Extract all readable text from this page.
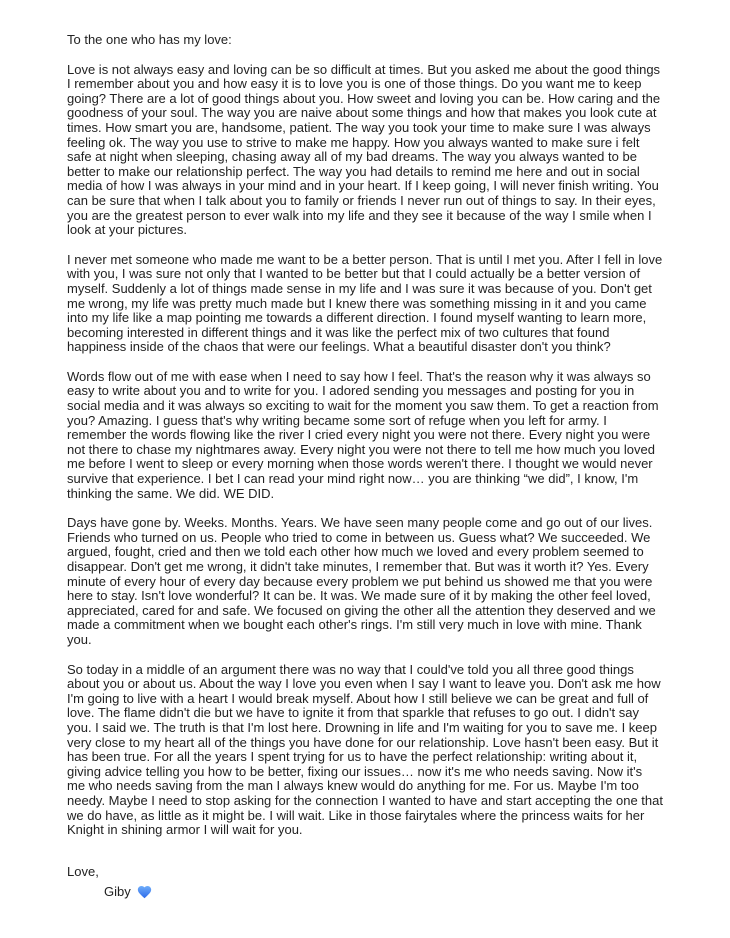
To the one who has my love:

Love is not always easy and loving can be so difficult at times. But you asked me about the good things I remember about you and how easy it is to love you is one of those things. Do you want me to keep going? There are a lot of good things about you. How sweet and loving you can be. How caring and the goodness of your soul. The way you are naive about some things and how that makes you look cute at times. How smart you are, handsome, patient. The way you took your time to make sure I was always feeling ok. The way you use to strive to make me happy. How you always wanted to make sure i felt safe at night when sleeping, chasing away all of my bad dreams. The way you always wanted to be better to make our relationship perfect. The way you had details to remind me here and out in social media of how I was always in your mind and in your heart. If I keep going, I will never finish writing. You can be sure that when I talk about you to family or friends I never run out of things to say. In their eyes, you are the greatest person to ever walk into my life and they see it because of the way I smile when I look at your pictures.

I never met someone who made me want to be a better person. That is until I met you. After I fell in love with you, I was sure not only that I wanted to be better but that I could actually be a better version of myself. Suddenly a lot of things made sense in my life and I was sure it was because of you. Don't get me wrong, my life was pretty much made but I knew there was something missing in it and you came into my life like a map pointing me towards a different direction. I found myself wanting to learn more, becoming interested in different things and it was like the perfect mix of two cultures that found happiness inside of the chaos that were our feelings. What a beautiful disaster don't you think?

Words flow out of me with ease when I need to say how I feel. That's the reason why it was always so easy to write about you and to write for you. I adored sending you messages and posting for you in social media and it was always so exciting to wait for the moment you saw them. To get a reaction from you? Amazing. I guess that's why writing became some sort of refuge when you left for army. I remember the words flowing like the river I cried every night you were not there. Every night you were not there to chase my nightmares away. Every night you were not there to tell me how much you loved me before I went to sleep or every morning when those words weren't there. I thought we would never survive that experience. I bet I can read your mind right now… you are thinking “we did”, I know, I'm thinking the same. We did. WE DID.

Days have gone by. Weeks. Months. Years. We have seen many people come and go out of our lives. Friends who turned on us. People who tried to come in between us. Guess what? We succeeded. We argued, fought, cried and then we told each other how much we loved and every problem seemed to disappear. Don't get me wrong, it didn't take minutes, I remember that. But was it worth it? Yes. Every minute of every hour of every day because every problem we put behind us showed me that you were here to stay. Isn't love wonderful? It can be. It was. We made sure of it by making the other feel loved, appreciated, cared for and safe. We focused on giving the other all the attention they deserved and we made a commitment when we bought each other's rings. I'm still very much in love with mine. Thank you.

So today in a middle of an argument there was no way that I could've told you all three good things about you or about us. About the way I love you even when I say I want to leave you. Don't ask me how I'm going to live with a heart I would break myself. About how I still believe we can be great and full of love. The flame didn't die but we have to ignite it from that sparkle that refuses to go out. I didn't say you. I said we. The truth is that I'm lost here. Drowning in life and I'm waiting for you to save me. I keep very close to my heart all of the things you have done for our relationship. Love hasn't been easy. But it has been true. For all the years I spent trying for us to have the perfect relationship: writing about it, giving advice telling you how to be better, fixing our issues… now it's me who needs saving. Now it's me who needs saving from the man I always knew would do anything for me. For us. Maybe I'm too needy. Maybe I need to stop asking for the connection I wanted to have and start accepting the one that we do have, as little as it might be. I will wait. Like in those fairytales where the princess waits for her Knight in shining armor I will wait for you.

Love,

Giby
